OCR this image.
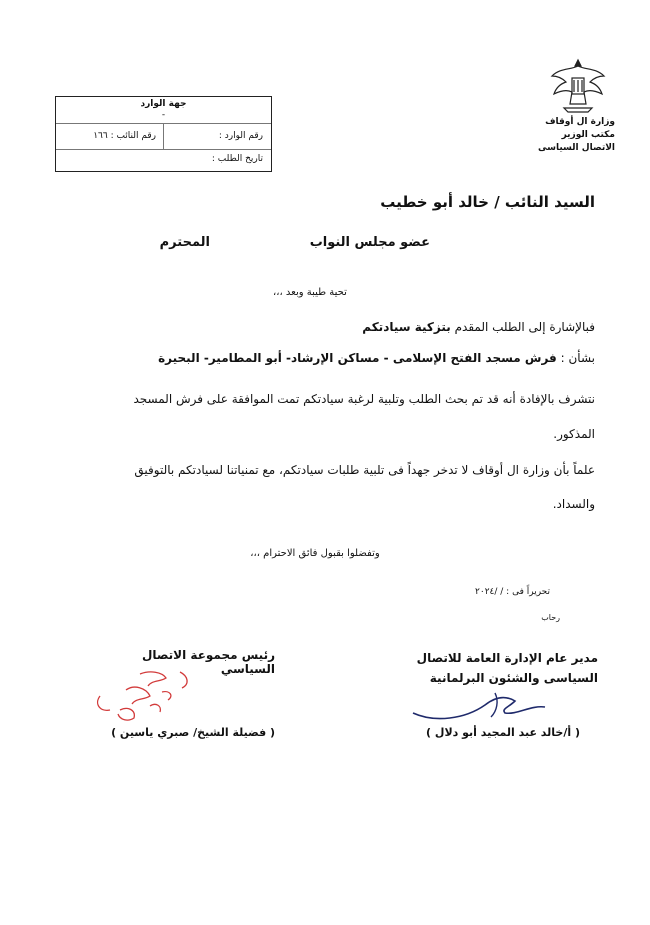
وزارة ال أوقاف
مكتب الوزير
الاتصال السياسى
جهة الوارد
-
رقم الوارد :
رقم النائب : ١٦٦
تاريخ الطلب :
السيد النائب / خالد أبو خطيب
عضو مجلس النواب
المحترم
تحية طيبة وبعد ،،،
فبالإشارة إلى الطلب المقدم بتزكية سيادتكم
بشأن : فرش مسجد الفتح الإسلامى - مساكن الإرشاد- أبو المطامير- البحيرة
نتشرف بالإفادة أنه قد تم بحث الطلب وتلبية لرغبة سيادتكم تمت الموافقة على فرش المسجد
المذكور.
علماً بأن وزارة ال أوقاف لا تدخر جهداً فى تلبية طلبات سيادتكم، مع تمنياتنا لسيادتكم بالتوفيق
والسداد.
وتفضلوا بقبول فائق الاحترام ،،،
تحريراً فى : / /٢٠٢٤
رحاب
مدير عام الإدارة العامة للاتصال
السياسى والشئون البرلمانية
رئيس مجموعة الاتصال السياسي
( أ/خالد عبد المجيد أبو دلال )
( فضيلة الشيخ/ صبري ياسين )
